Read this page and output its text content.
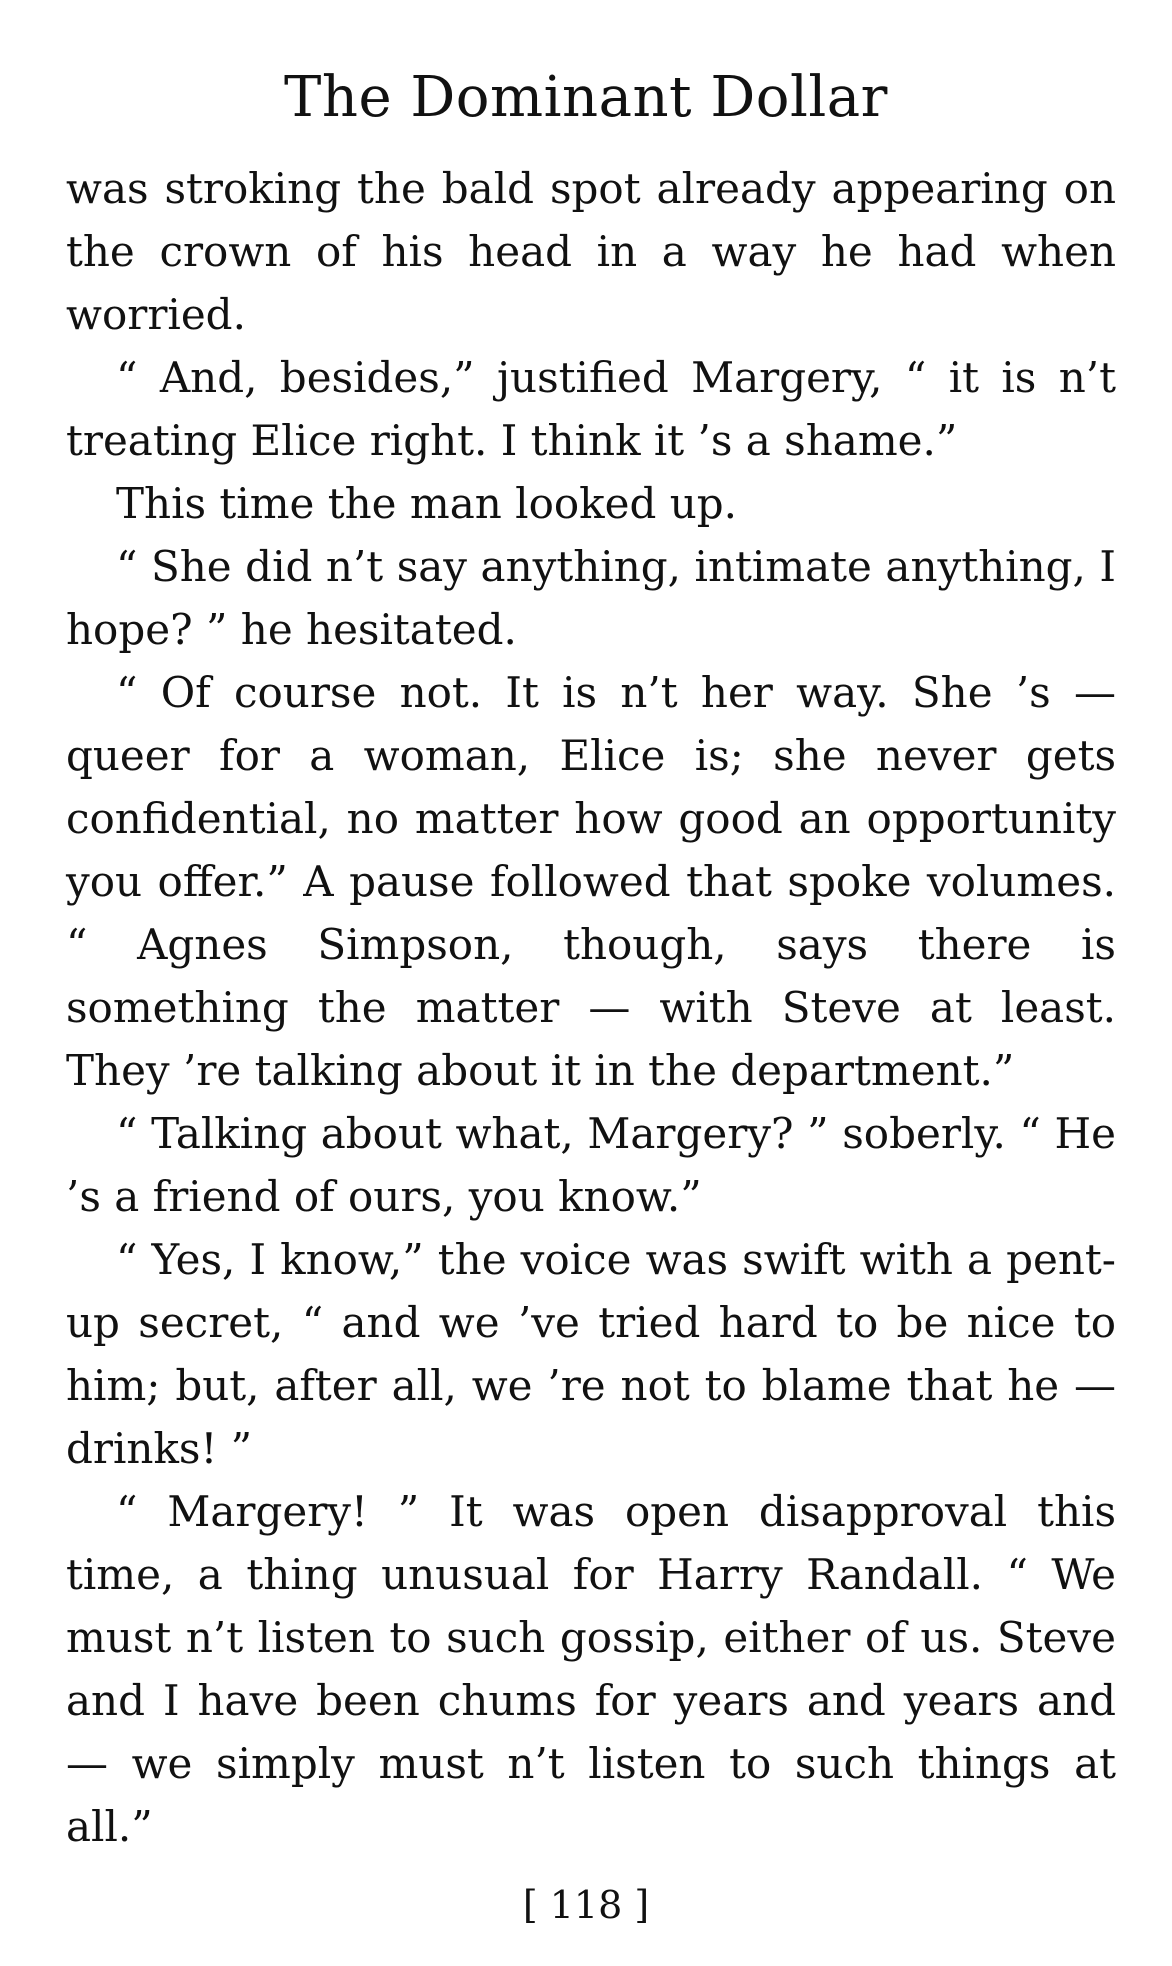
The Dominant Dollar

was stroking the bald spot already appearing on the crown of his head in a way he had when worried.

“ And, besides,” justified Margery, “ it is n’t treating Elice right. I think it ’s a shame.”

This time the man looked up.

“ She did n’t say anything, intimate anything, I hope? ” he hesitated.

“ Of course not. It is n’t her way. She ’s — queer for a woman, Elice is; she never gets confidential, no matter how good an opportunity you offer.” A pause followed that spoke volumes. “ Agnes Simpson, though, says there is something the matter — with Steve at least. They ’re talking about it in the department.”

“ Talking about what, Margery? ” soberly. “ He ’s a friend of ours, you know.”

“ Yes, I know,” the voice was swift with a pent-up secret, “ and we ’ve tried hard to be nice to him; but, after all, we ’re not to blame that he — drinks! ”

“ Margery! ” It was open disapproval this time, a thing unusual for Harry Randall. “ We must n’t listen to such gossip, either of us. Steve and I have been chums for years and years and — we simply must n’t listen to such things at all.”

[ 118 ]
